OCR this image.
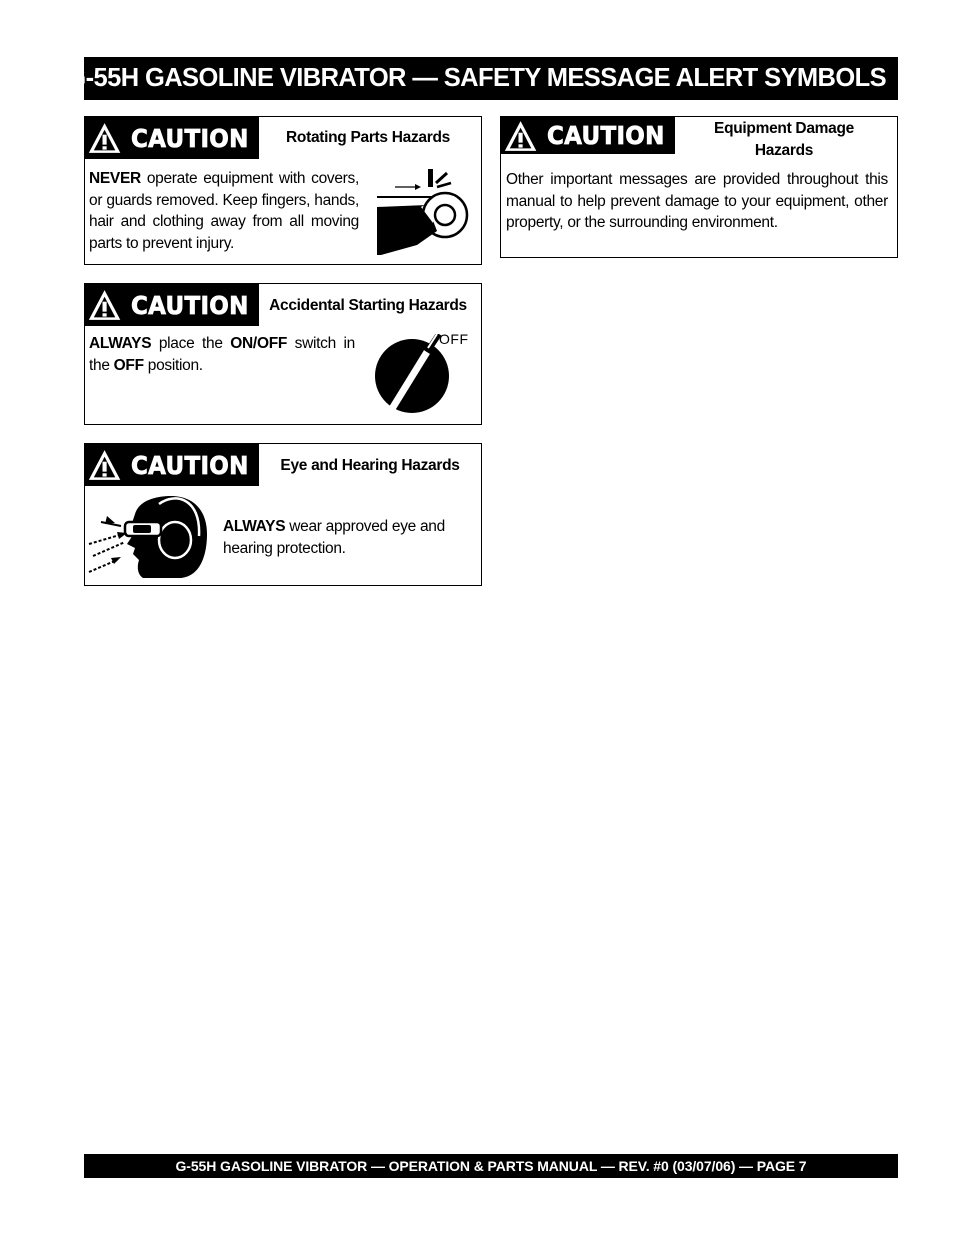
G-55H GASOLINE VIBRATOR — SAFETY MESSAGE ALERT SYMBOLS
CAUTION	Rotating Parts Hazards
NEVER operate equipment with covers, or guards removed. Keep fingers, hands, hair and clothing away from all moving parts to prevent injury.
CAUTION	Accidental Starting Hazards
ALWAYS place the ON/OFF switch in the OFF position.
OFF
CAUTION	Eye and Hearing Hazards
ALWAYS wear approved eye and hearing protection.
CAUTION	Equipment Damage
Hazards
Other important messages are provided throughout this manual to help prevent damage to your equipment, other property, or the surrounding environment.
G-55H GASOLINE VIBRATOR — OPERATION & PARTS MANUAL — REV. #0 (03/07/06) — PAGE 7
